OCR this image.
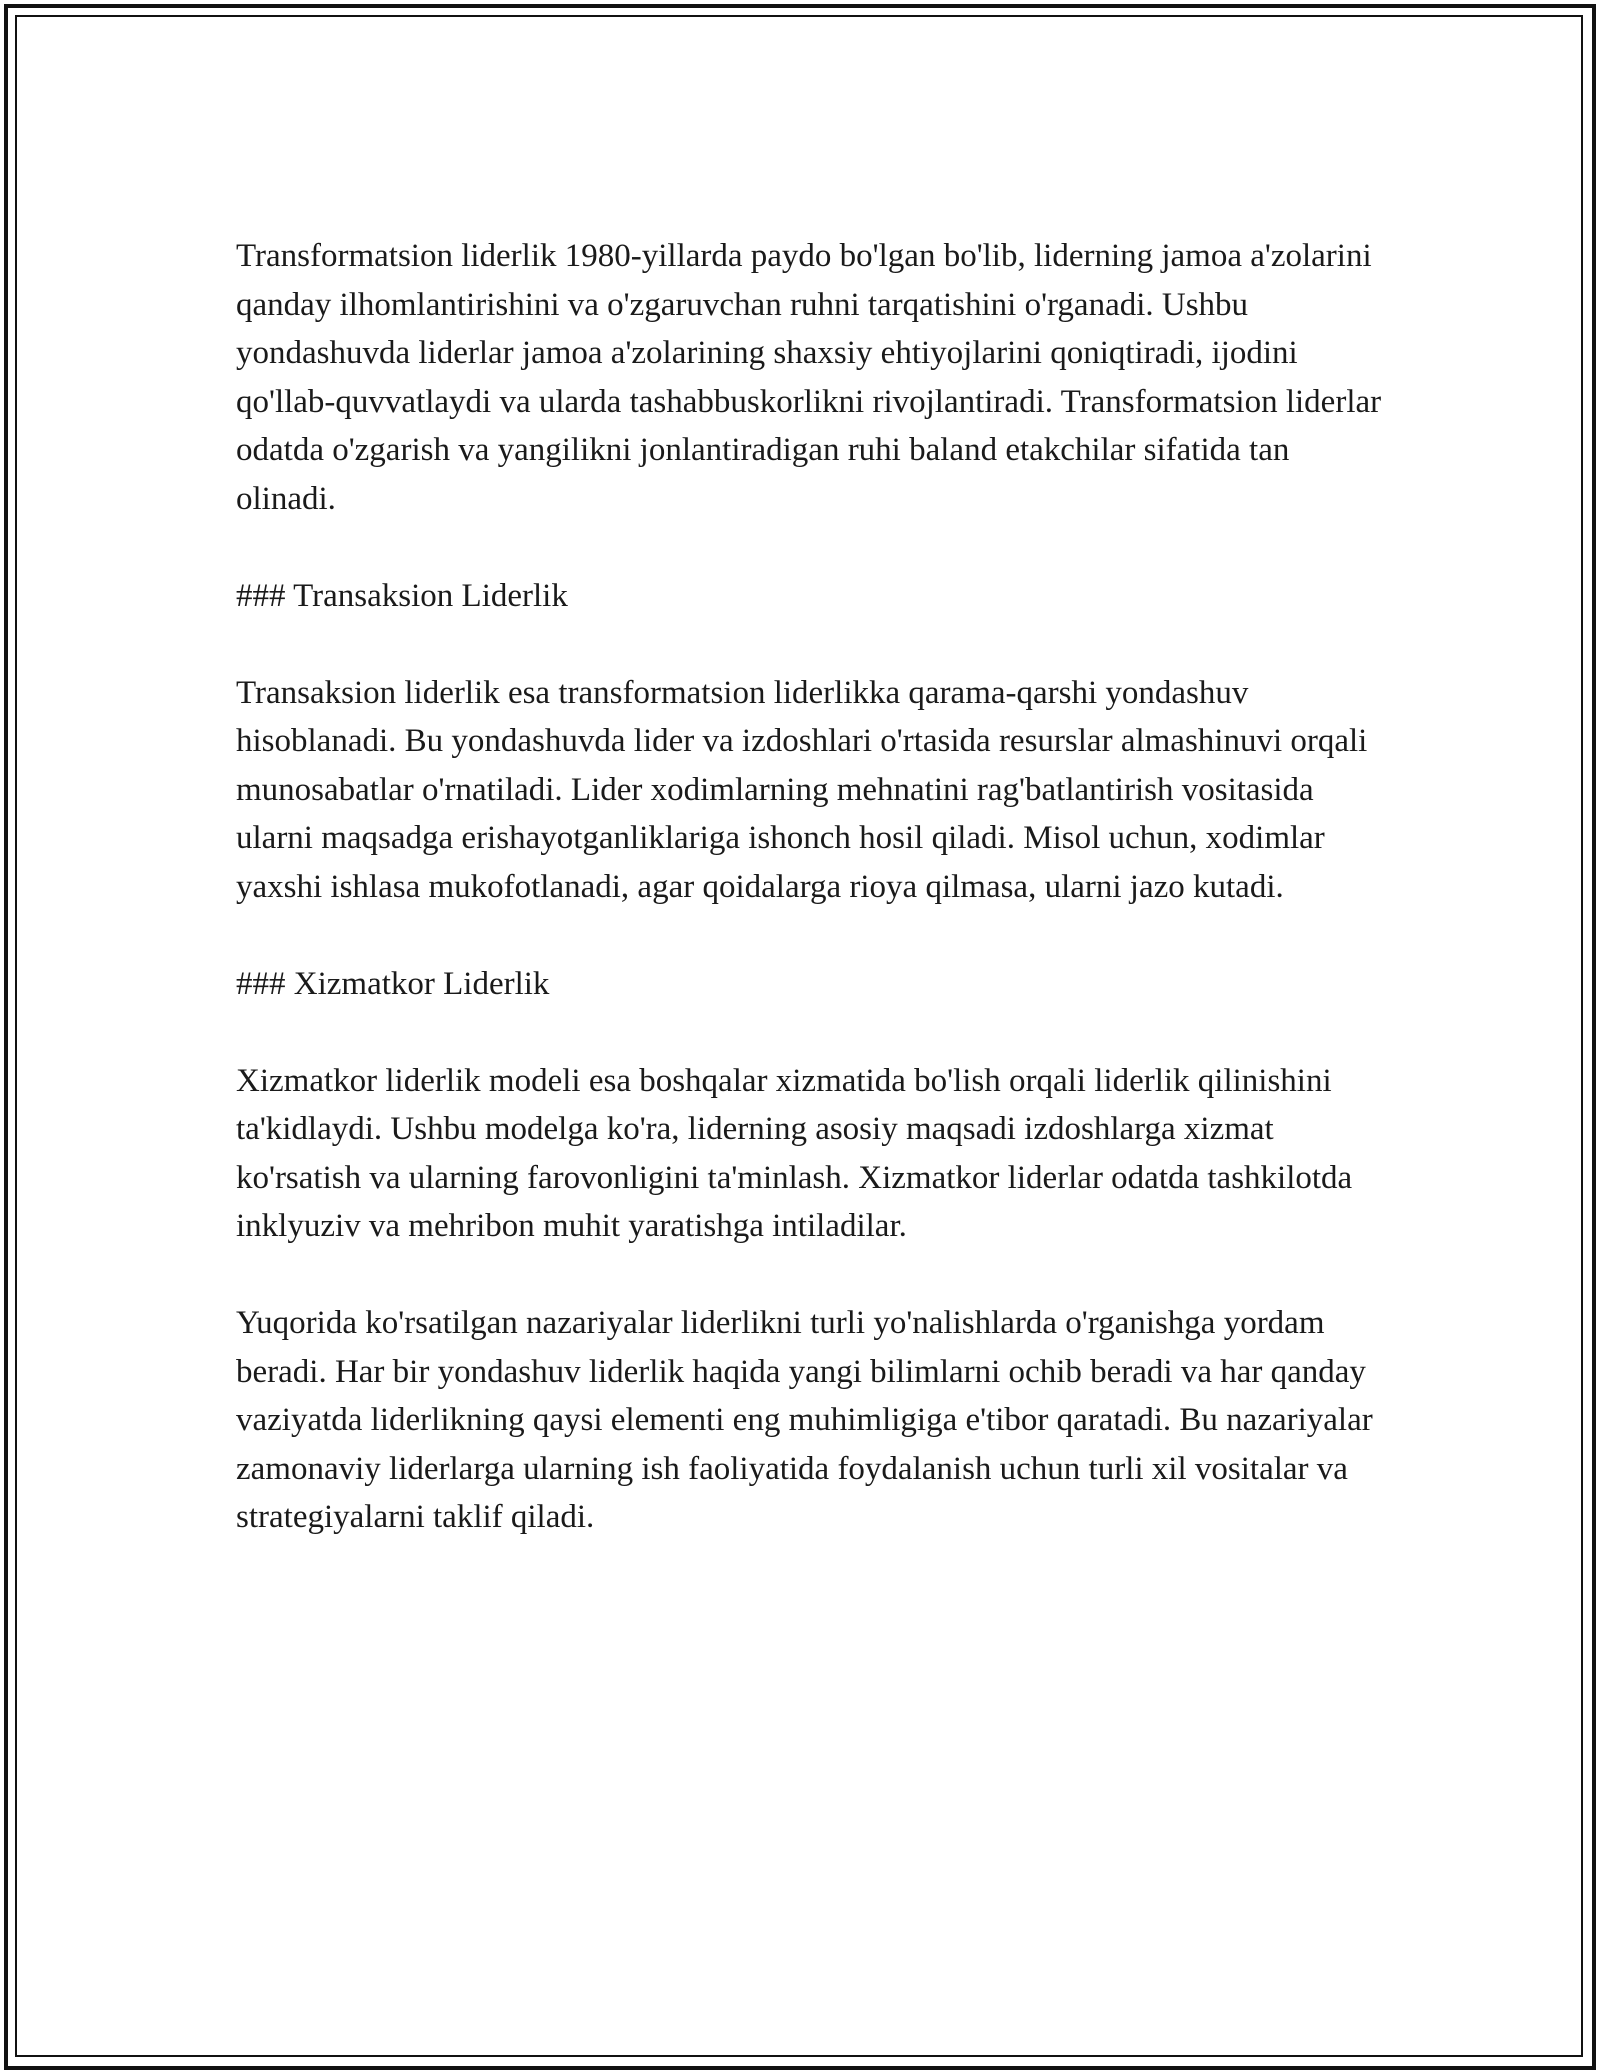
Transformatsion liderlik 1980-yillarda paydo bo'lgan bo'lib, liderning jamoa a'zolarini qanday ilhomlantirishini va o'zgaruvchan ruhni tarqatishini o'rganadi. Ushbu yondashuvda liderlar jamoa a'zolarining shaxsiy ehtiyojlarini qoniqtiradi, ijodini qo'llab-quvvatlaydi va ularda tashabbuskorlikni rivojlantiradi. Transformatsion liderlar odatda o'zgarish va yangilikni jonlantiradigan ruhi baland etakchilar sifatida tan olinadi.

### Transaksion Liderlik

Transaksion liderlik esa transformatsion liderlikka qarama-qarshi yondashuv hisoblanadi. Bu yondashuvda lider va izdoshlari o'rtasida resurslar almashinuvi orqali munosabatlar o'rnatiladi. Lider xodimlarning mehnatini rag'batlantirish vositasida ularni maqsadga erishayotganliklariga ishonch hosil qiladi. Misol uchun, xodimlar yaxshi ishlasa mukofotlanadi, agar qoidalarga rioya qilmasa, ularni jazo kutadi.

### Xizmatkor Liderlik

Xizmatkor liderlik modeli esa boshqalar xizmatida bo'lish orqali liderlik qilinishini ta'kidlaydi. Ushbu modelga ko'ra, liderning asosiy maqsadi izdoshlarga xizmat ko'rsatish va ularning farovonligini ta'minlash. Xizmatkor liderlar odatda tashkilotda inklyuziv va mehribon muhit yaratishga intiladilar.

Yuqorida ko'rsatilgan nazariyalar liderlikni turli yo'nalishlarda o'rganishga yordam beradi. Har bir yondashuv liderlik haqida yangi bilimlarni ochib beradi va har qanday vaziyatda liderlikning qaysi elementi eng muhimligiga e'tibor qaratadi. Bu nazariyalar zamonaviy liderlarga ularning ish faoliyatida foydalanish uchun turli xil vositalar va strategiyalarni taklif qiladi.
